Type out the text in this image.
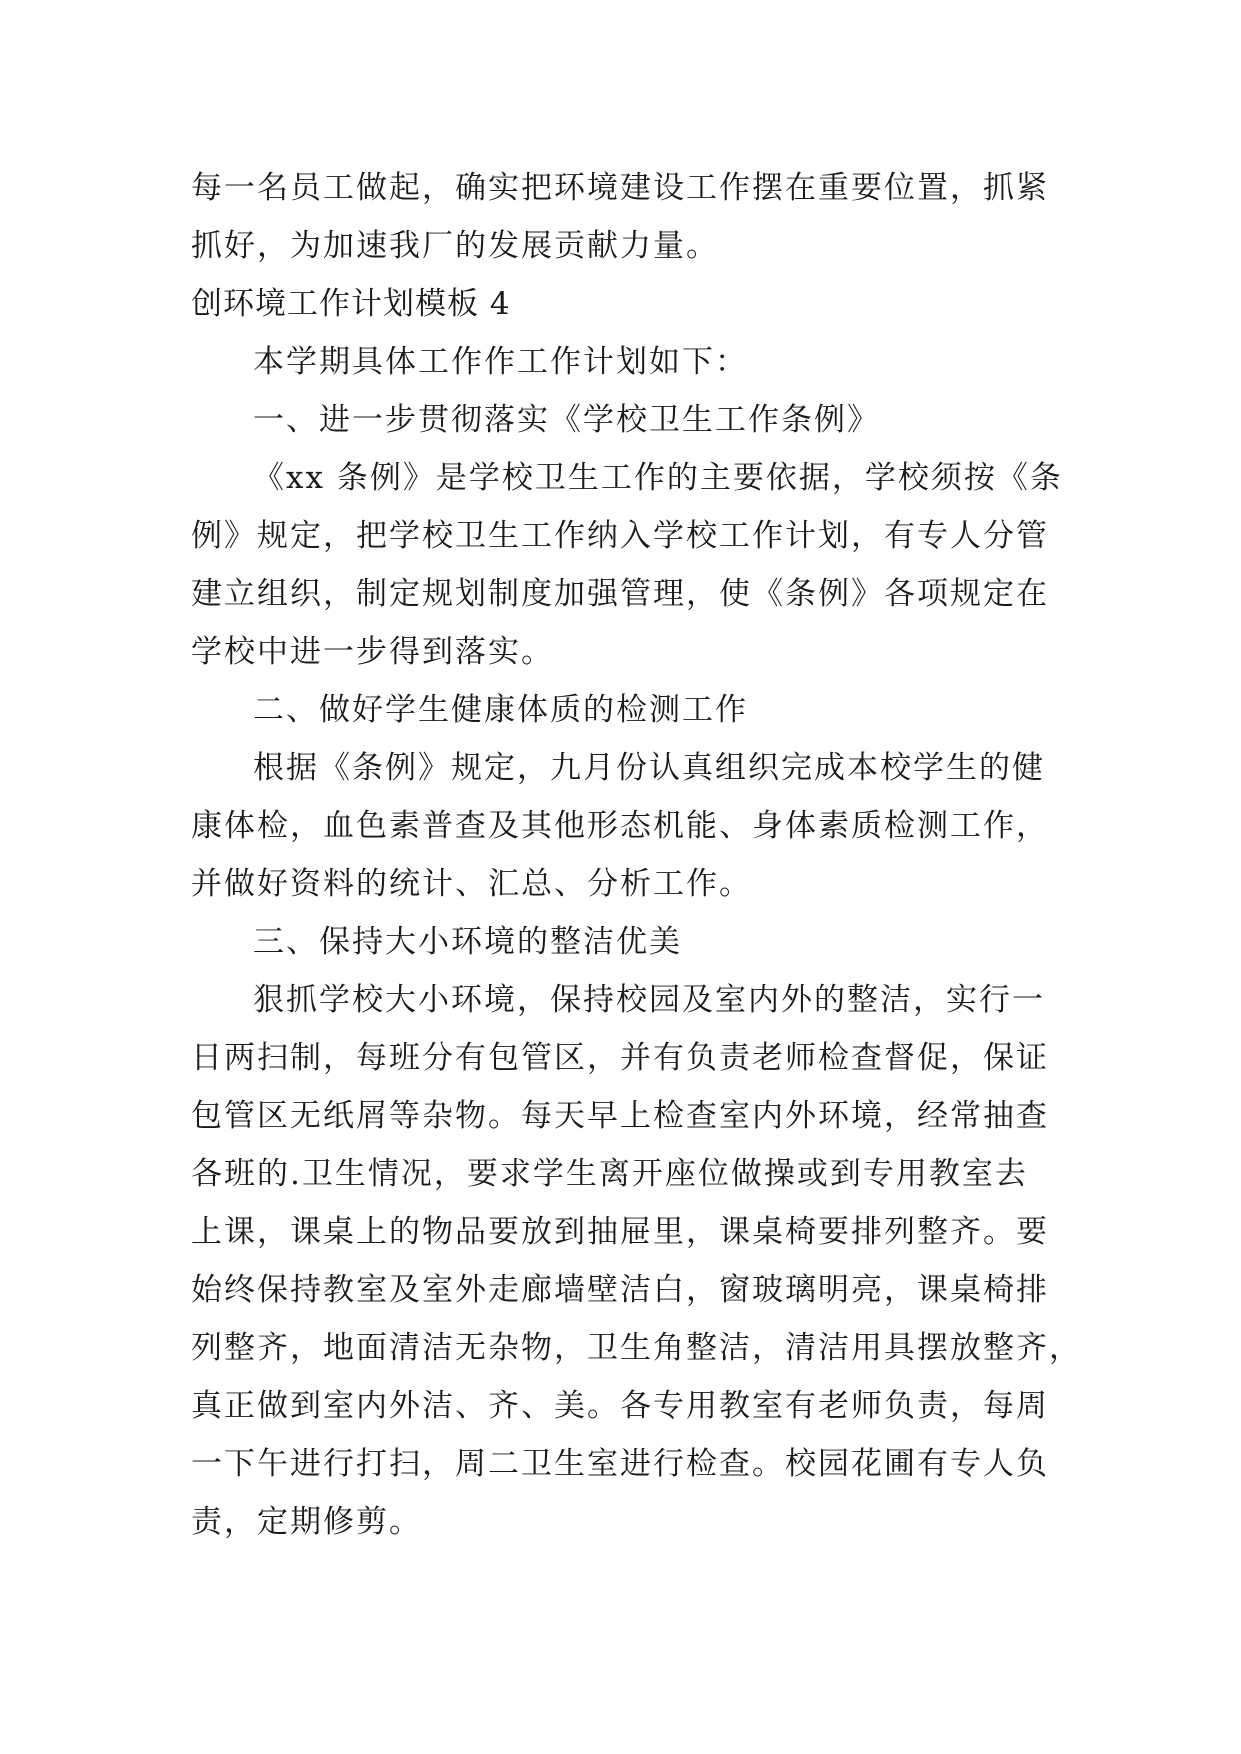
每一名员工做起，确实把环境建设工作摆在重要位置，抓紧
抓好，为加速我厂的发展贡献力量。
创环境工作计划模板 4
本学期具体工作作工作计划如下：
一、进一步贯彻落实《学校卫生工作条例》
《xx 条例》是学校卫生工作的主要依据，学校须按《条
例》规定，把学校卫生工作纳入学校工作计划，有专人分管
建立组织，制定规划制度加强管理，使《条例》各项规定在
学校中进一步得到落实。
二、做好学生健康体质的检测工作
根据《条例》规定，九月份认真组织完成本校学生的健
康体检，血色素普查及其他形态机能、身体素质检测工作，
并做好资料的统计、汇总、分析工作。
三、保持大小环境的整洁优美
狠抓学校大小环境，保持校园及室内外的整洁，实行一
日两扫制，每班分有包管区，并有负责老师检查督促，保证
包管区无纸屑等杂物。每天早上检查室内外环境，经常抽查
各班的.卫生情况，要求学生离开座位做操或到专用教室去
上课，课桌上的物品要放到抽屉里，课桌椅要排列整齐。要
始终保持教室及室外走廊墙壁洁白，窗玻璃明亮，课桌椅排
列整齐，地面清洁无杂物，卫生角整洁，清洁用具摆放整齐，
真正做到室内外洁、齐、美。各专用教室有老师负责，每周
一下午进行打扫，周二卫生室进行检查。校园花圃有专人负
责，定期修剪。
